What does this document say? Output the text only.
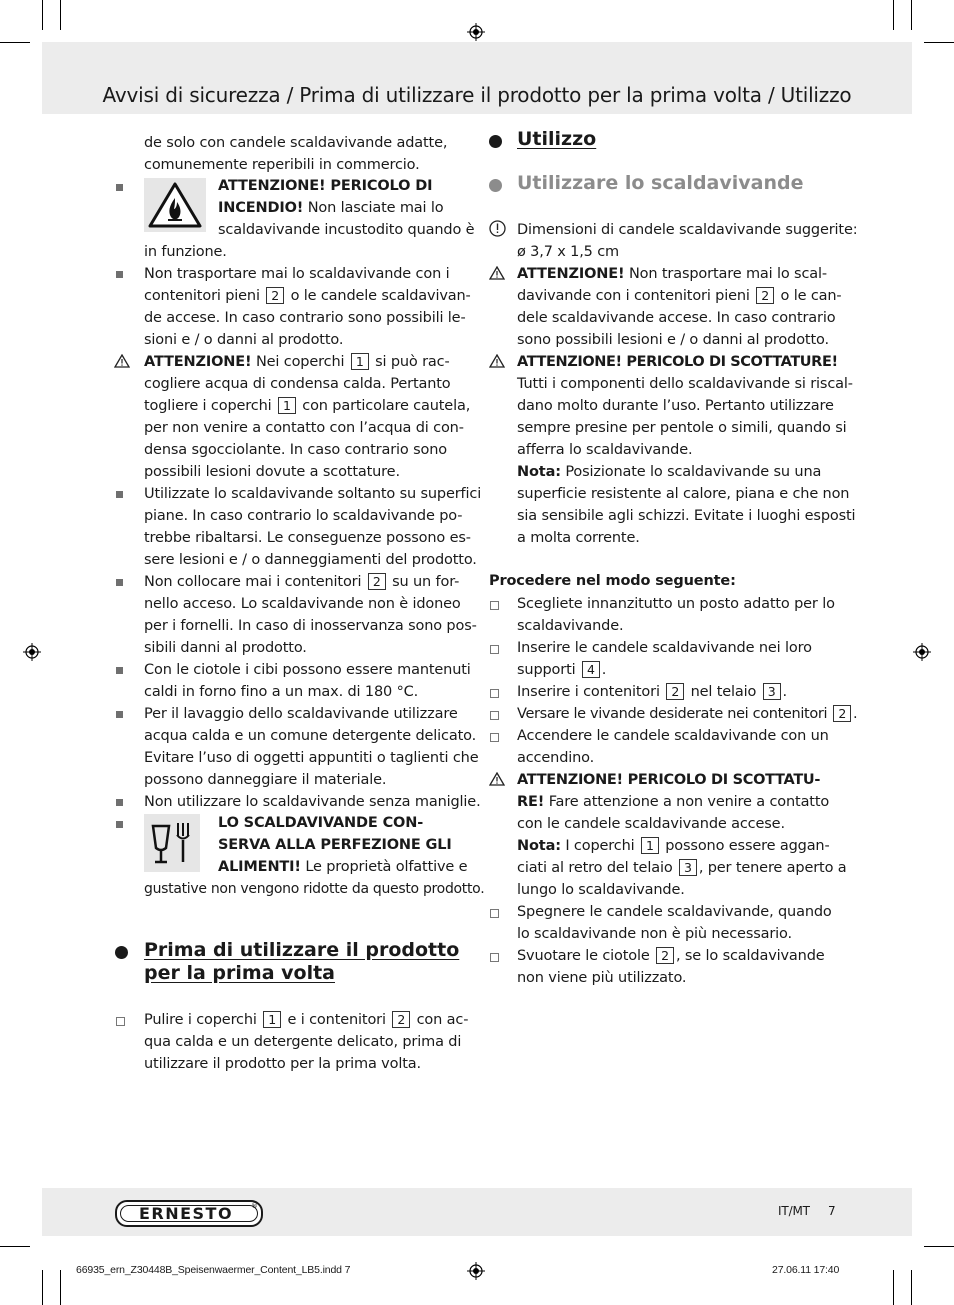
Avvisi di sicurezza / Prima di utilizzare il prodotto per la prima volta / Utilizzo
de solo con candele scaldavivande adatte,
comunemente reperibili in commercio.
ATTENZIONE! PERICOLO DI
INCENDIO! Non lasciate mai lo
scaldavivande incustodito quando è
in funzione.
Non trasportare mai lo scaldavivande con i
contenitori pieni 2 o le candele scaldavivan-
de accese. In caso contrario sono possibili le-
sioni e / o danni al prodotto.
ATTENZIONE! Nei coperchi 1 si può rac-
cogliere acqua di condensa calda. Pertanto
togliere i coperchi 1 con particolare cautela,
per non venire a contatto con l’acqua di con-
densa sgocciolante. In caso contrario sono
possibili lesioni dovute a scottature.
Utilizzate lo scaldavivande soltanto su superfici
piane. In caso contrario lo scaldavivande po-
trebbe ribaltarsi. Le conseguenze possono es-
sere lesioni e / o danneggiamenti del prodotto.
Non collocare mai i contenitori 2 su un for-
nello acceso. Lo scaldavivande non è idoneo
per i fornelli. In caso di inosservanza sono pos-
sibili danni al prodotto.
Con le ciotole i cibi possono essere mantenuti
caldi in forno fino a un max. di 180 °C.
Per il lavaggio dello scaldavivande utilizzare
acqua calda e un comune detergente delicato.
Evitare l’uso di oggetti appuntiti o taglienti che
possono danneggiare il materiale.
Non utilizzare lo scaldavivande senza maniglie.
LO SCALDAVIVANDE CON-
SERVA ALLA PERFEZIONE GLI
ALIMENTI! Le proprietà olfattive e
gustative non vengono ridotte da questo prodotto.
Prima di utilizzare il prodotto
per la prima volta
Pulire i coperchi 1 e i contenitori 2 con ac-
qua calda e un detergente delicato, prima di
utilizzare il prodotto per la prima volta.
Utilizzo
Utilizzare lo scaldavivande
Dimensioni di candele scaldavivande suggerite:
ø 3,7 x 1,5 cm
ATTENZIONE! Non trasportare mai lo scal-
davivande con i contenitori pieni 2 o le can-
dele scaldavivande accese. In caso contrario
sono possibili lesioni e / o danni al prodotto.
ATTENZIONE! PERICOLO DI SCOTTATURE!
Tutti i componenti dello scaldavivande si riscal-
dano molto durante l’uso. Pertanto utilizzare
sempre presine per pentole o simili, quando si
afferra lo scaldavivande.
Nota: Posizionate lo scaldavivande su una
superficie resistente al calore, piana e che non
sia sensibile agli schizzi. Evitate i luoghi esposti
a molta corrente.
Procedere nel modo seguente:
Scegliete innanzitutto un posto adatto per lo
scaldavivande.
Inserire le candele scaldavivande nei loro
supporti 4 .
Inserire i contenitori 2 nel telaio 3 .
Versare le vivande desiderate nei contenitori 2 .
Accendere le candele scaldavivande con un
accendino.
ATTENZIONE! PERICOLO DI SCOTTATU-
RE! Fare attenzione a non venire a contatto
con le candele scaldavivande accese.
Nota: I coperchi 1 possono essere aggan-
ciati al retro del telaio 3 , per tenere aperto a
lungo lo scaldavivande.
Spegnere le candele scaldavivande, quando
lo scaldavivande non è più necessario.
Svuotare le ciotole 2 , se lo scaldavivande
non viene più utilizzato.
ERNESTO	®	IT/MT 7
66935_ern_Z30448B_Speisenwaermer_Content_LB5.indd 7	27.06.11 17:40
